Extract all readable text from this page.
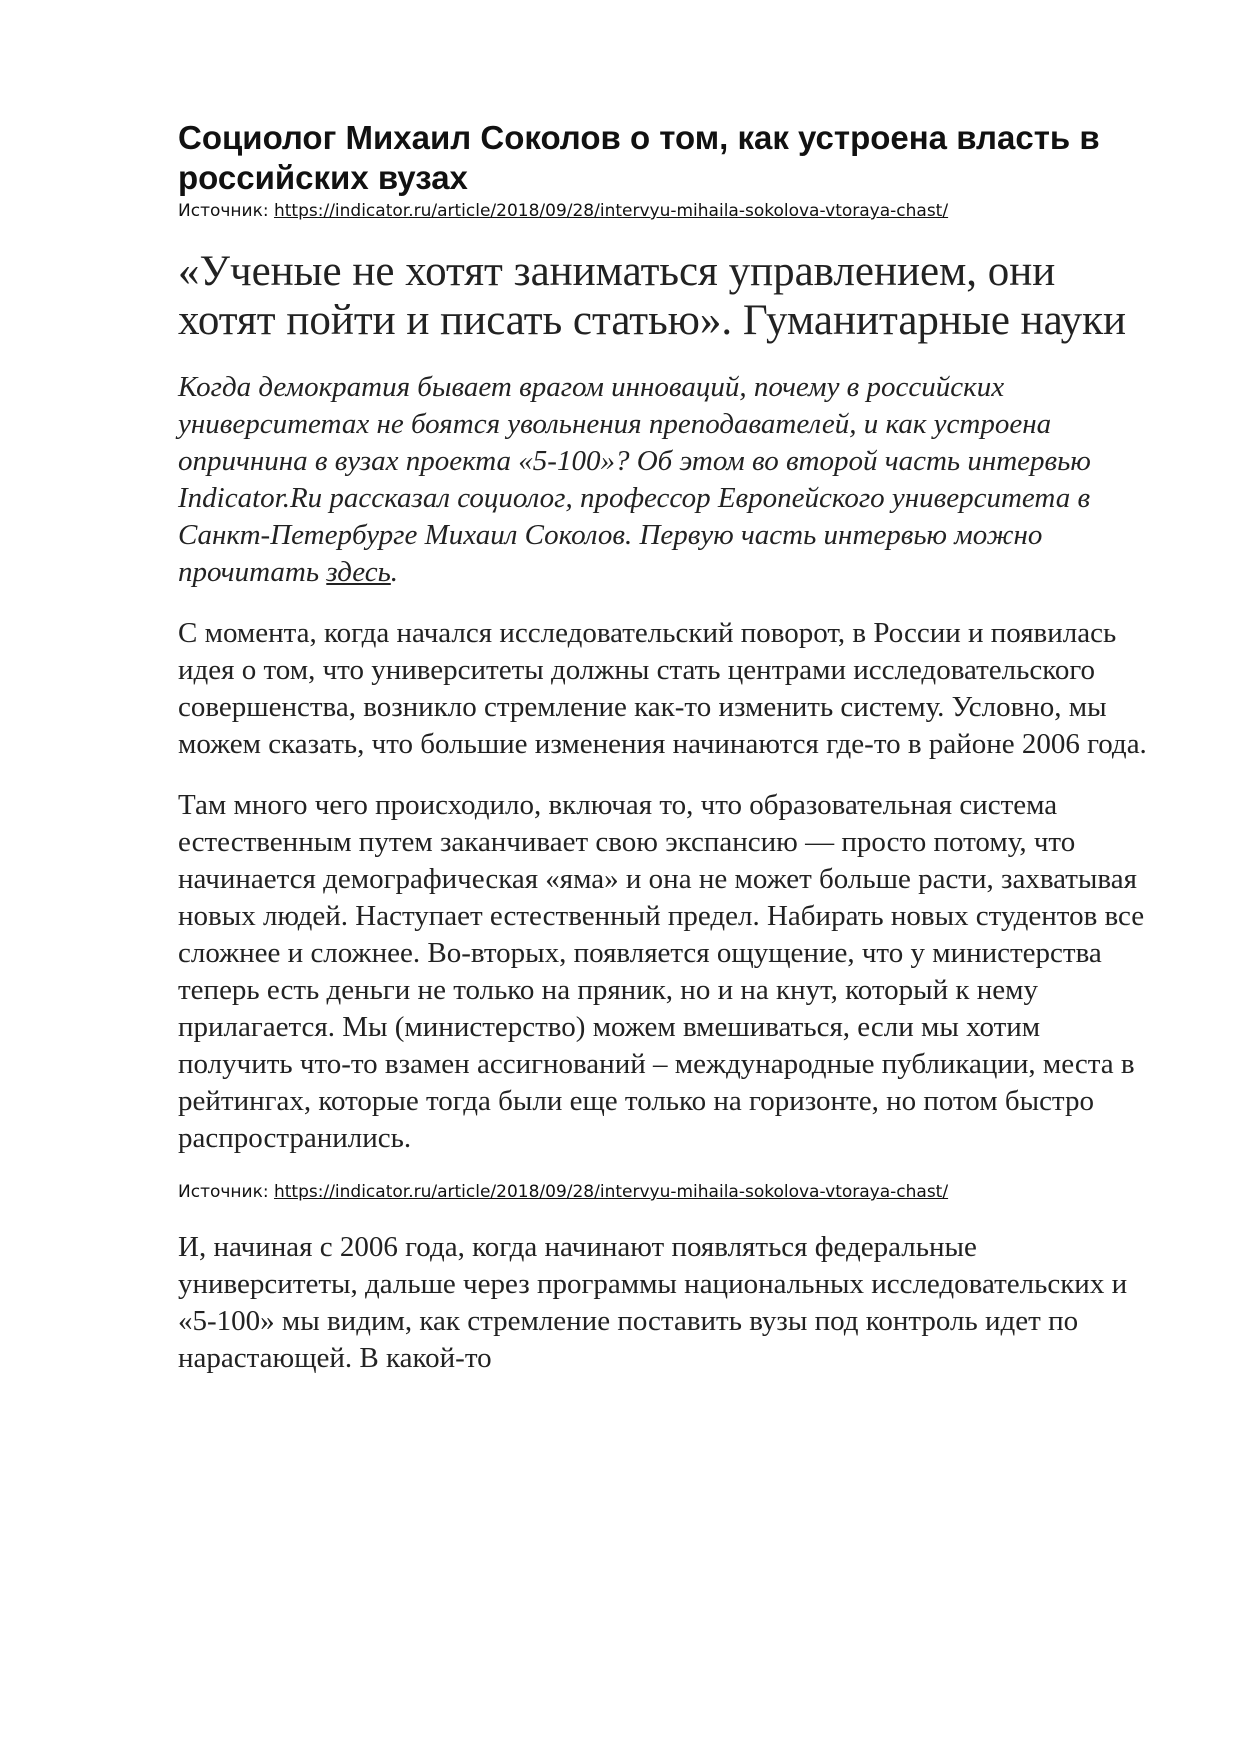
Социолог Михаил Соколов о том, как устроена власть в российских вузах

Источник: https://indicator.ru/article/2018/09/28/intervyu-mihaila-sokolova-vtoraya-chast/

«Ученые не хотят заниматься управлением, они хотят пойти и писать статью». Гуманитарные науки

Когда демократия бывает врагом инноваций, почему в российских университетах не боятся увольнения преподавателей, и как устроена опричнина в вузах проекта «5-100»? Об этом во второй часть интервью Indicator.Ru рассказал социолог, профессор Европейского университета в Санкт-Петербурге Михаил Соколов. Первую часть интервью можно прочитать здесь.

С момента, когда начался исследовательский поворот, в России и появилась идея о том, что университеты должны стать центрами исследовательского совершенства, возникло стремление как-то изменить систему. Условно, мы можем сказать, что большие изменения начинаются где-то в районе 2006 года.

Там много чего происходило, включая то, что образовательная система естественным путем заканчивает свою экспансию — просто потому, что начинается демографическая «яма» и она не может больше расти, захватывая новых людей. Наступает естественный предел. Набирать новых студентов все сложнее и сложнее. Во-вторых, появляется ощущение, что у министерства теперь есть деньги не только на пряник, но и на кнут, который к нему прилагается. Мы (министерство) можем вмешиваться, если мы хотим получить что-то взамен ассигнований – международные публикации, места в рейтингах, которые тогда были еще только на горизонте, но потом быстро распространились.

Источник: https://indicator.ru/article/2018/09/28/intervyu-mihaila-sokolova-vtoraya-chast/

И, начиная с 2006 года, когда начинают появляться федеральные университеты, дальше через программы национальных исследовательских и «5-100» мы видим, как стремление поставить вузы под контроль идет по нарастающей. В какой-то
